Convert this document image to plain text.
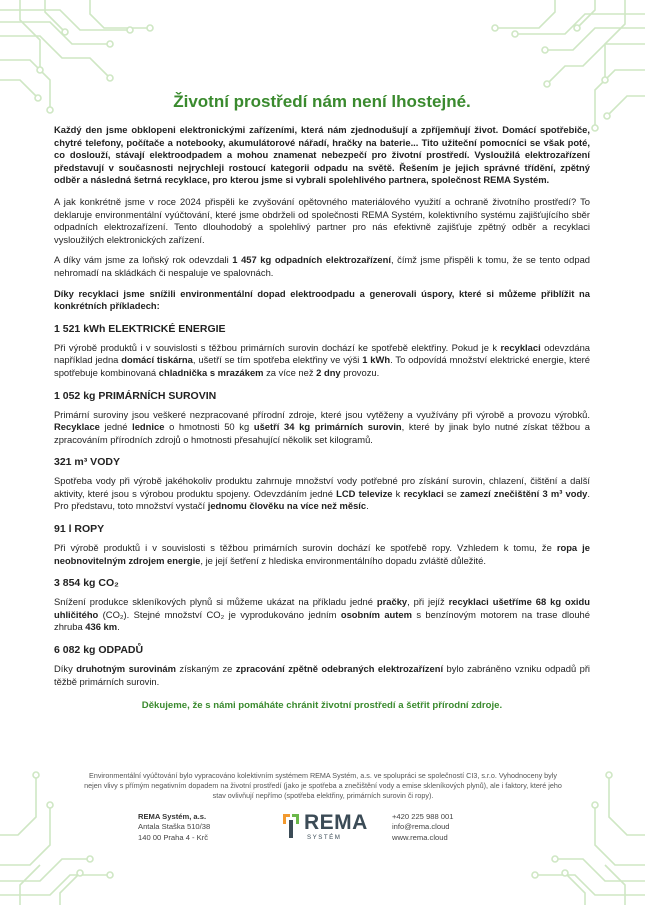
Životní prostředí nám není lhostejné.

Každý den jsme obklopeni elektronickými zařízeními, která nám zjednodušují a zpříjemňují život. Domácí spotřebiče, chytré telefony, počítače a notebooky, akumulátorové nářadí, hračky na baterie... Tito užiteční pomocníci se však poté, co doslouží, stávají elektroodpadem a mohou znamenat nebezpečí pro životní prostředí. Vysloužilá elektrozařízení představují v současnosti nejrychleji rostoucí kategorii odpadu na světě. Řešením je jejich správné třídění, zpětný odběr a následná šetrná recyklace, pro kterou jsme si vybrali spolehlivého partnera, společnost REMA Systém.

A jak konkrétně jsme v roce 2024 přispěli ke zvyšování opětovného materiálového využití a ochraně životního prostředí? To deklaruje environmentální vyúčtování, které jsme obdrželi od společnosti REMA Systém, kolektivního systému zajišťujícího sběr odpadních elektrozařízení. Tento dlouhodobý a spolehlivý partner pro nás efektivně zajišťuje zpětný odběr a recyklaci vysloužilých elektronických zařízení.

A díky vám jsme za loňský rok odevzdali 1 457 kg odpadních elektrozařízení, čímž jsme přispěli k tomu, že se tento odpad nehromadí na skládkách či nespaluje ve spalovnách.

Díky recyklaci jsme snížili environmentální dopad elektroodpadu a generovali úspory, které si můžeme přiblížit na konkrétních příkladech:

1 521 kWh ELEKTRICKÉ ENERGIE

Při výrobě produktů i v souvislosti s těžbou primárních surovin dochází ke spotřebě elektřiny. Pokud je k recyklaci odevzdána například jedna domácí tiskárna, ušetří se tím spotřeba elektřiny ve výši 1 kWh. To odpovídá množství elektrické energie, které spotřebuje kombinovaná chladnička s mrazákem za více než 2 dny provozu.

1 052 kg PRIMÁRNÍCH SUROVIN

Primární suroviny jsou veškeré nezpracované přírodní zdroje, které jsou vytěženy a využívány při výrobě a provozu výrobků. Recyklace jedné lednice o hmotnosti 50 kg ušetří 34 kg primárních surovin, které by jinak bylo nutné získat těžbou a zpracováním přírodních zdrojů o hmotnosti přesahující několik set kilogramů.

321 m³ VODY

Spotřeba vody při výrobě jakéhokoliv produktu zahrnuje množství vody potřebné pro získání surovin, chlazení, čištění a další aktivity, které jsou s výrobou produktu spojeny. Odevzdáním jedné LCD televize k recyklaci se zamezí znečištění 3 m³ vody. Pro představu, toto množství vystačí jednomu člověku na více než měsíc.

91 l ROPY

Při výrobě produktů i v souvislosti s těžbou primárních surovin dochází ke spotřebě ropy. Vzhledem k tomu, že ropa je neobnovitelným zdrojem energie, je její šetření z hlediska environmentálního dopadu zvláště důležité.

3 854 kg CO₂

Snížení produkce skleníkových plynů si můžeme ukázat na příkladu jedné pračky, při jejíž recyklaci ušetříme 68 kg oxidu uhličitého (CO₂). Stejné množství CO₂ je vyprodukováno jedním osobním autem s benzínovým motorem na trase dlouhé zhruba 436 km.

6 082 kg ODPADŮ

Díky druhotným surovinám získaným ze zpracování zpětně odebraných elektrozařízení bylo zabráněno vzniku odpadů při těžbě primárních surovin.

Děkujeme, že s námi pomáháte chránit životní prostředí a šetřit přírodní zdroje.

Environmentální vyúčtování bylo vypracováno kolektivním systémem REMA Systém, a.s. ve spolupráci se společností CI3, s.r.o. Vyhodnoceny byly nejen vlivy s přímým negativním dopadem na životní prostředí (jako je spotřeba a znečištění vody a emise skleníkových plynů), ale i faktory, které jeho stav ovlivňují nepřímo (spotřeba elektřiny, primárních surovin či ropy).
REMA Systém, a.s.
Antala Staška 510/38
140 00 Praha 4 - Krč
REMA
SYSTÉM
+420 225 988 001
info@rema.cloud
www.rema.cloud
